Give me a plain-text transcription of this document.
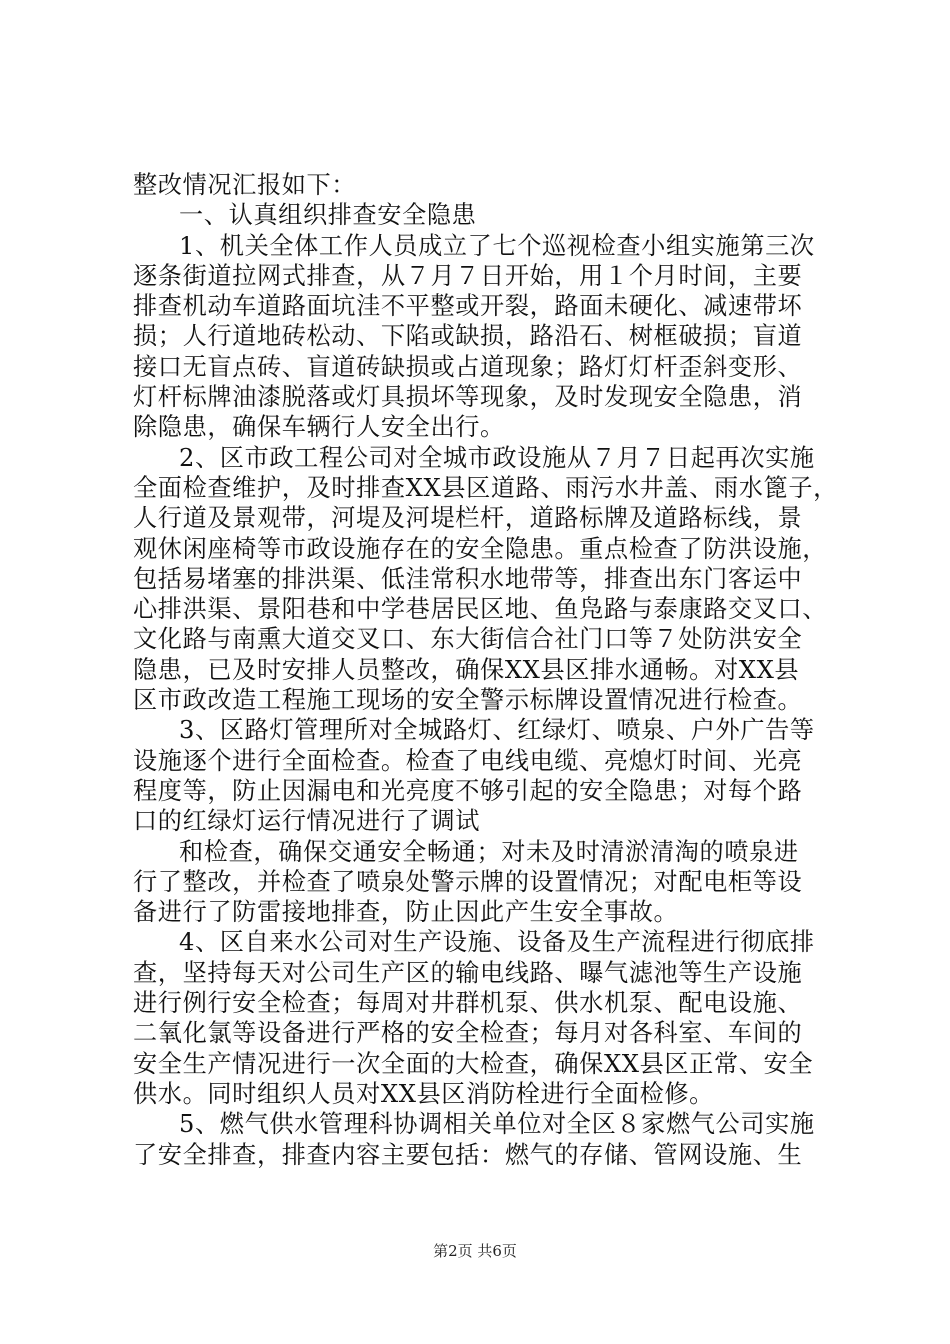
整改情况汇报如下：
一、认真组织排查安全隐患
1、机关全体工作人员成立了七个巡视检查小组实施第三次
逐条街道拉网式排查，从７月７日开始，用１个月时间，主要
排查机动车道路面坑洼不平整或开裂，路面未硬化、减速带坏
损；人行道地砖松动、下陷或缺损，路沿石、树框破损；盲道
接口无盲点砖、盲道砖缺损或占道现象；路灯灯杆歪斜变形、
灯杆标牌油漆脱落或灯具损坏等现象，及时发现安全隐患，消
除隐患，确保车辆行人安全出行。
2、区市政工程公司对全城市政设施从７月７日起再次实施
全面检查维护，及时排查XX县区道路、雨污水井盖、雨水篦子，
人行道及景观带，河堤及河堤栏杆，道路标牌及道路标线，景
观休闲座椅等市政设施存在的安全隐患。重点检查了防洪设施，
包括易堵塞的排洪渠、低洼常积水地带等，排查出东门客运中
心排洪渠、景阳巷和中学巷居民区地、鱼凫路与泰康路交叉口、
文化路与南熏大道交叉口、东大街信合社门口等７处防洪安全
隐患，已及时安排人员整改，确保XX县区排水通畅。对XX县
区市政改造工程施工现场的安全警示标牌设置情况进行检查。
3、区路灯管理所对全城路灯、红绿灯、喷泉、户外广告等
设施逐个进行全面检查。检查了电线电缆、亮熄灯时间、光亮
程度等，防止因漏电和光亮度不够引起的安全隐患；对每个路
口的红绿灯运行情况进行了调试
和检查，确保交通安全畅通；对未及时清淤清淘的喷泉进
行了整改，并检查了喷泉处警示牌的设置情况；对配电柜等设
备进行了防雷接地排查，防止因此产生安全事故。
4、区自来水公司对生产设施、设备及生产流程进行彻底排
查，坚持每天对公司生产区的输电线路、曝气滤池等生产设施
进行例行安全检查；每周对井群机泵、供水机泵、配电设施、
二氧化氯等设备进行严格的安全检查；每月对各科室、车间的
安全生产情况进行一次全面的大检查，确保XX县区正常、安全
供水。同时组织人员对XX县区消防栓进行全面检修。
5、燃气供水管理科协调相关单位对全区８家燃气公司实施
了安全排查，排查内容主要包括：燃气的存储、管网设施、生
第2页 共6页
